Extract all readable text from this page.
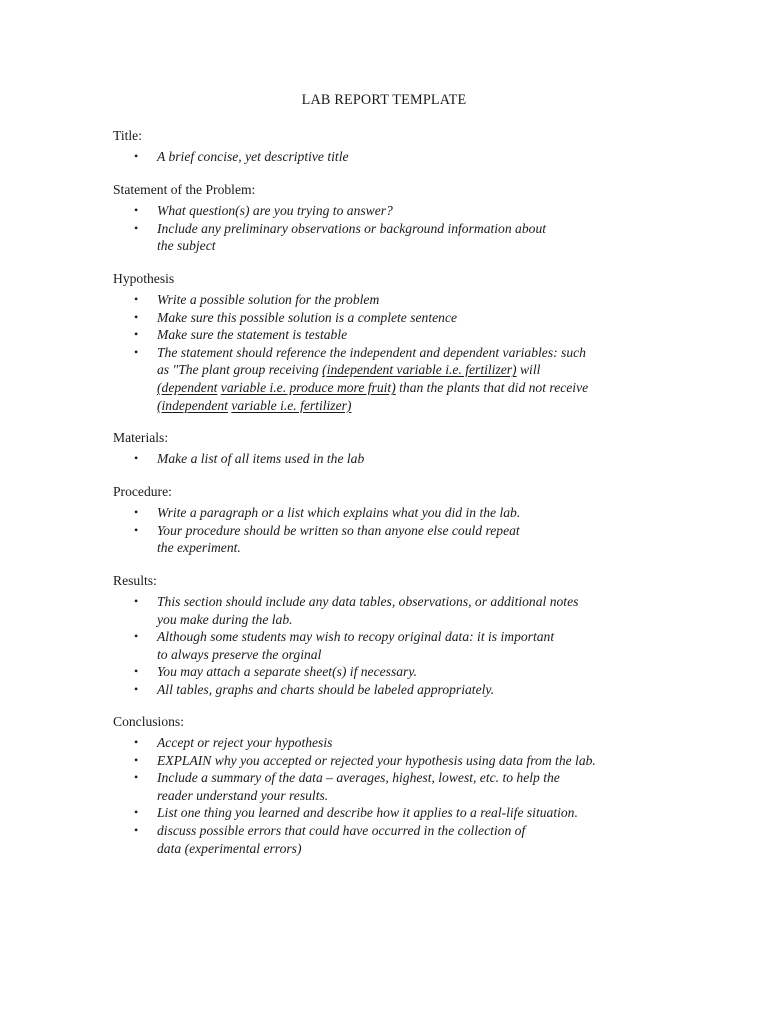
LAB REPORT TEMPLATE

Title:

• A brief concise, yet descriptive title

Statement of the Problem:

• What question(s) are you trying to answer?
• Include any preliminary observations or background information about
the subject

Hypothesis

• Write a possible solution for the problem
• Make sure this possible solution is a complete sentence
• Make sure the statement is testable
• The statement should reference the independent and dependent variables: such
as "The plant group receiving (independent variable i.e. fertilizer) will
(dependent variable i.e. produce more fruit) than the plants that did not receive
(independent variable i.e. fertilizer)

Materials:

• Make a list of all items used in the lab

Procedure:

• Write a paragraph or a list which explains what you did in the lab.
• Your procedure should be written so than anyone else could repeat
the experiment.

Results:

• This section should include any data tables, observations, or additional notes
you make during the lab.
• Although some students may wish to recopy original data: it is important
to always preserve the orginal
• You may attach a separate sheet(s) if necessary.
• All tables, graphs and charts should be labeled appropriately.

Conclusions:

• Accept or reject your hypothesis
• EXPLAIN why you accepted or rejected your hypothesis using data from the lab.
• Include a summary of the data – averages, highest, lowest, etc. to help the
reader understand your results.
• List one thing you learned and describe how it applies to a real-life situation.
• discuss possible errors that could have occurred in the collection of
data (experimental errors)
